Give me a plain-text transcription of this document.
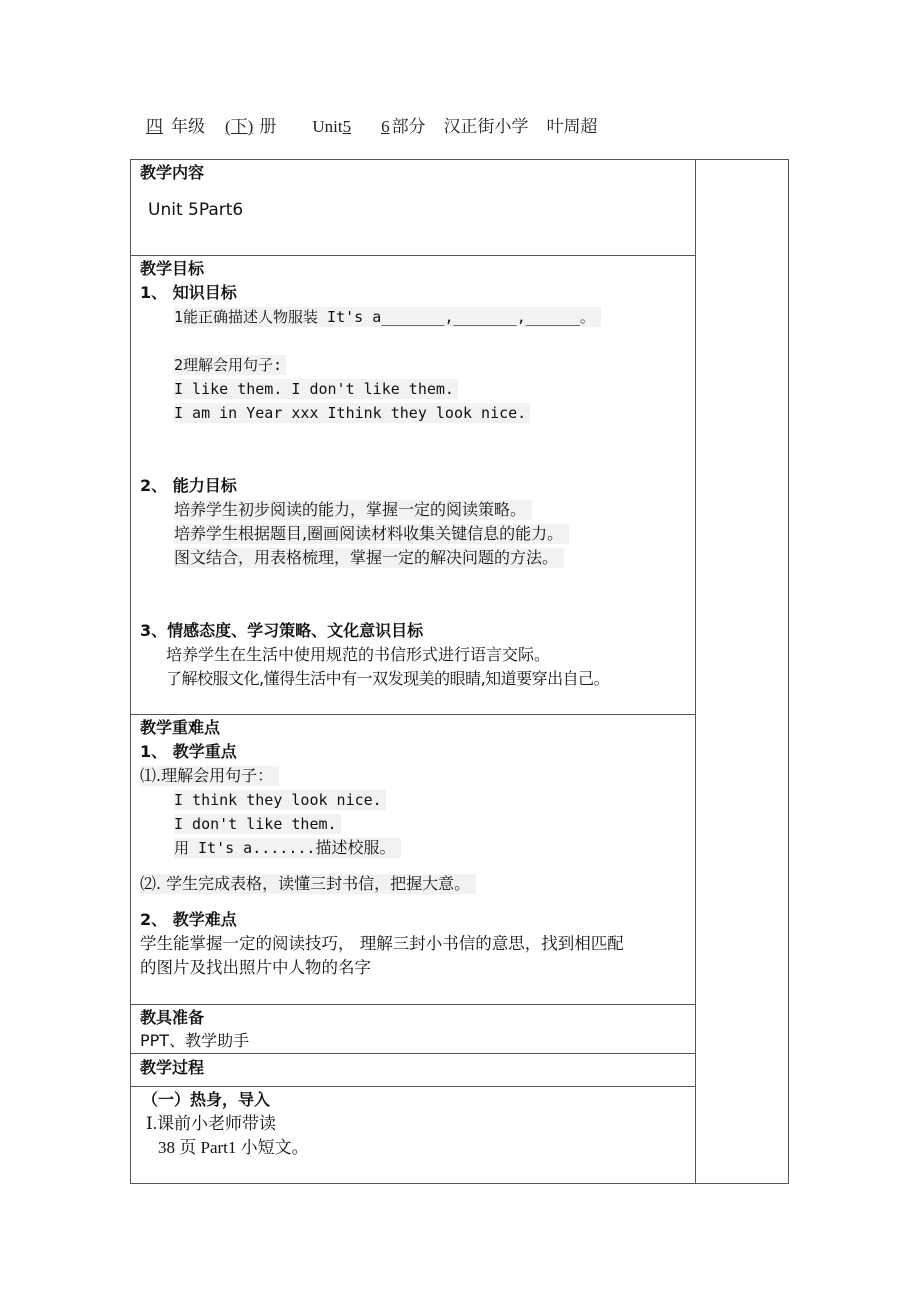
四 年级 (下) 册 Unit5 6 部分 汉正街小学 叶周超
教学内容
Unit 5Part6
教学目标
1、 知识目标
1能正确描述人物服装 It's a_______,_______,______。
2理解会用句子:
I like them. I don't like them.
I am in Year xxx Ithink they look nice.
2、 能力目标
培养学生初步阅读的能力，掌握一定的阅读策略。
培养学生根据题目,圈画阅读材料收集关键信息的能力。
图文结合，用表格梳理，掌握一定的解决问题的方法。
3、情感态度、学习策略、文化意识目标
培养学生在生活中使用规范的书信形式进行语言交际。
了解校服文化,懂得生活中有一双发现美的眼睛,知道要穿出自己。
教学重难点
1、 教学重点
⑴.理解会用句子：
I think they look nice.
I don't like them.
用 It's a.......描述校服。
⑵. 学生完成表格，读懂三封书信，把握大意。
2、 教学难点
学生能掌握一定的阅读技巧， 理解三封小书信的意思，找到相匹配
的图片及找出照片中人物的名字
教具准备
PPT、教学助手
教学过程
（一）热身，导入
Ⅰ.课前小老师带读
38 页 Part1 小短文。
